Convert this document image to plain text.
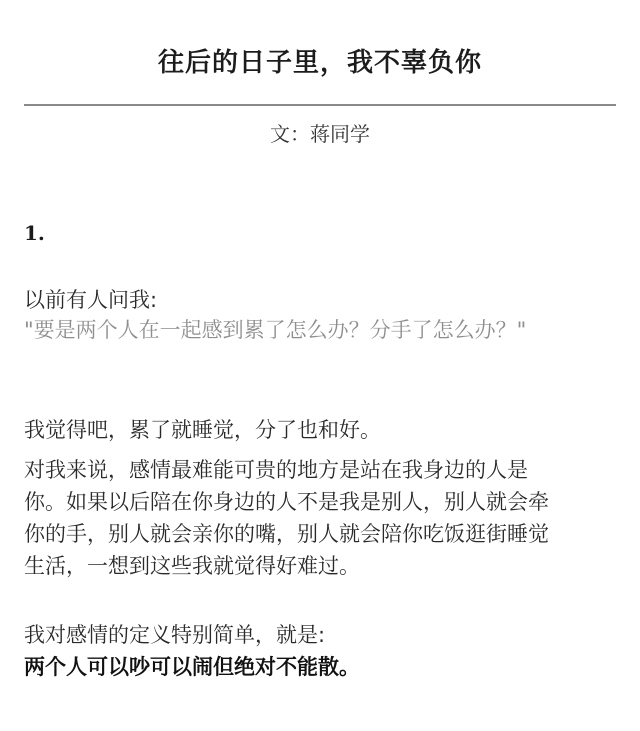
往后的日子里，我不辜负你
文：蒋同学
1.
以前有人问我:
"要是两个人在一起感到累了怎么办？分手了怎么办？"
我觉得吧，累了就睡觉，分了也和好。
对我来说，感情最难能可贵的地方是站在我身边的人是
你。如果以后陪在你身边的人不是我是别人，别人就会牵
你的手，别人就会亲你的嘴，别人就会陪你吃饭逛街睡觉
生活，一想到这些我就觉得好难过。
我对感情的定义特别简单，就是:
两个人可以吵可以闹但绝对不能散。
